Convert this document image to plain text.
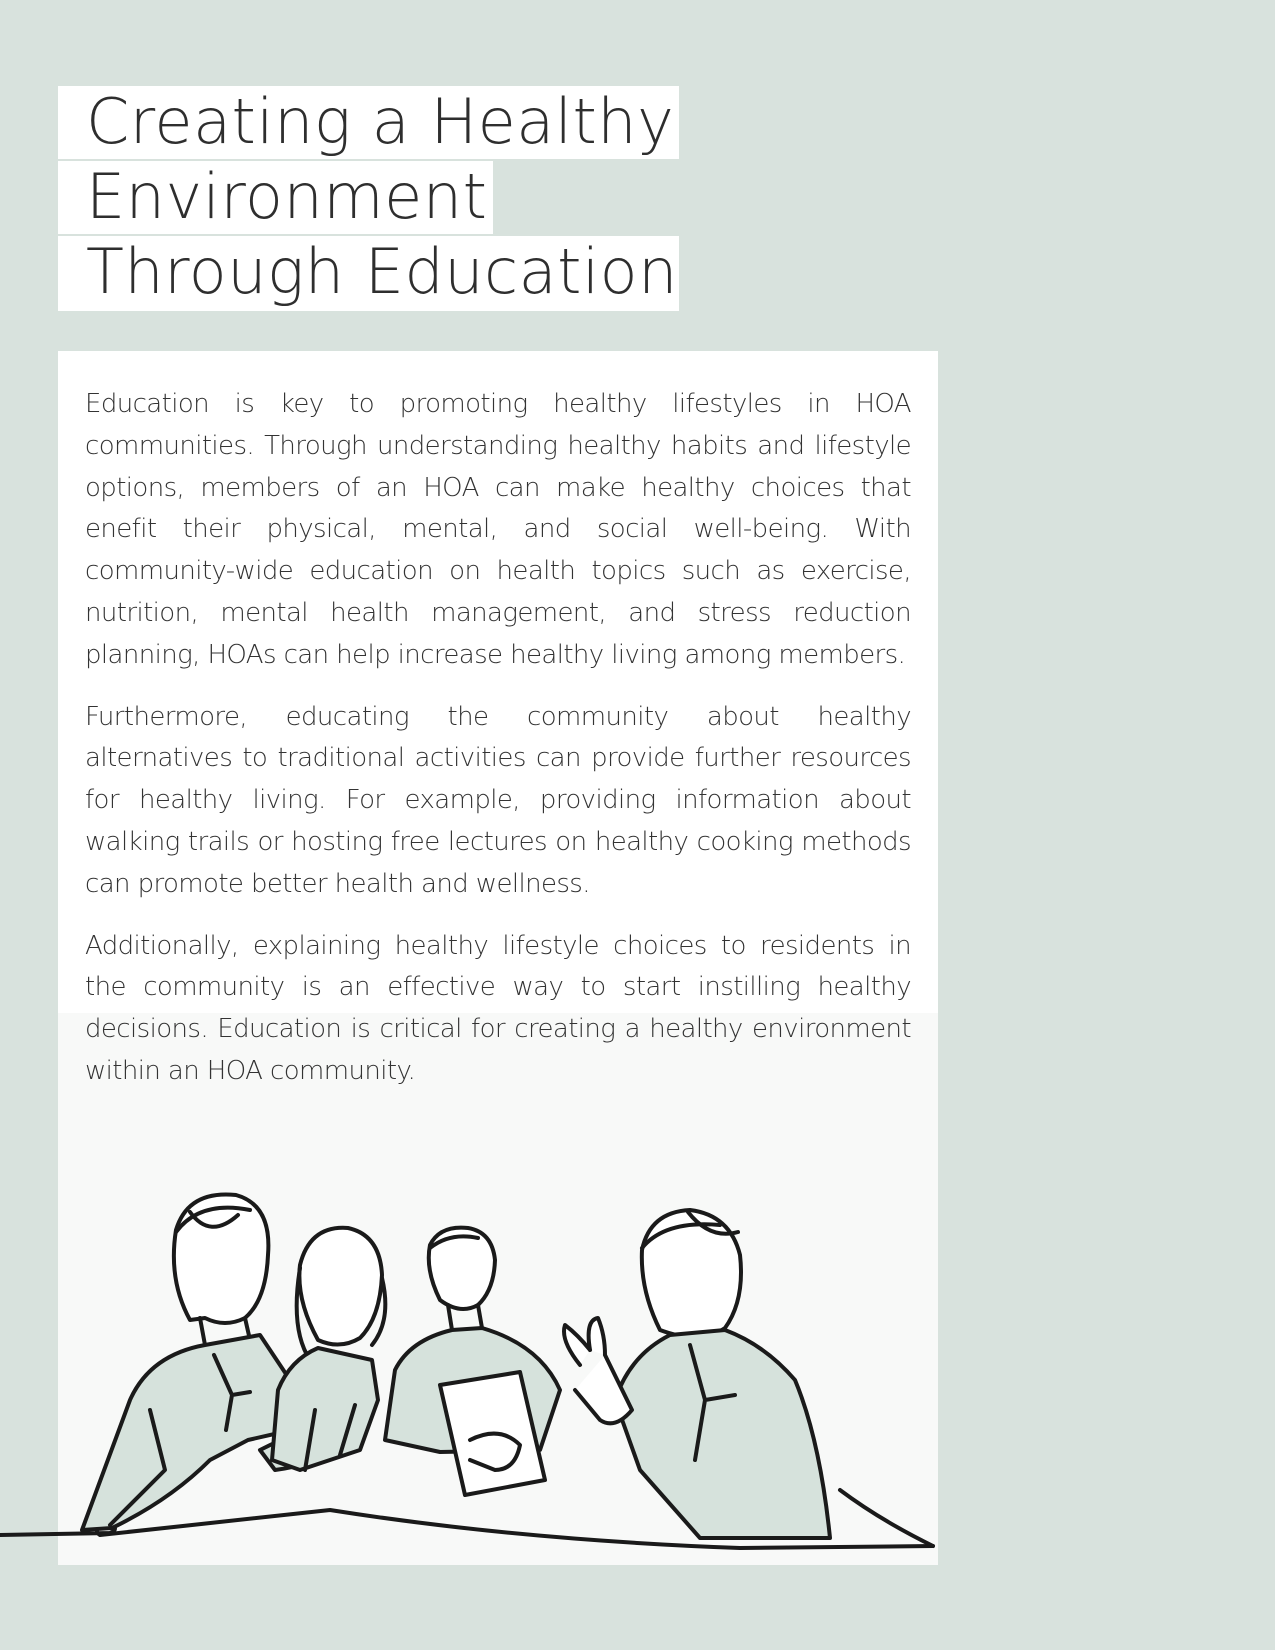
Creating a Healthy
Environment
Through Education

Education is key to promoting healthy lifestyles in HOA communities. Through understanding healthy habits and lifestyle options, members of an HOA can make healthy choices that enefit their physical, mental, and social well-being. With community-wide education on health topics such as exercise, nutrition, mental health management, and stress reduction planning, HOAs can help increase healthy living among members.

Furthermore, educating the community about healthy alternatives to traditional activities can provide further resources for healthy living. For example, providing information about walking trails or hosting free lectures on healthy cooking methods can promote better health and wellness.

Additionally, explaining healthy lifestyle choices to residents in the community is an effective way to start instilling healthy decisions. Education is critical for creating a healthy environment within an HOA community.
